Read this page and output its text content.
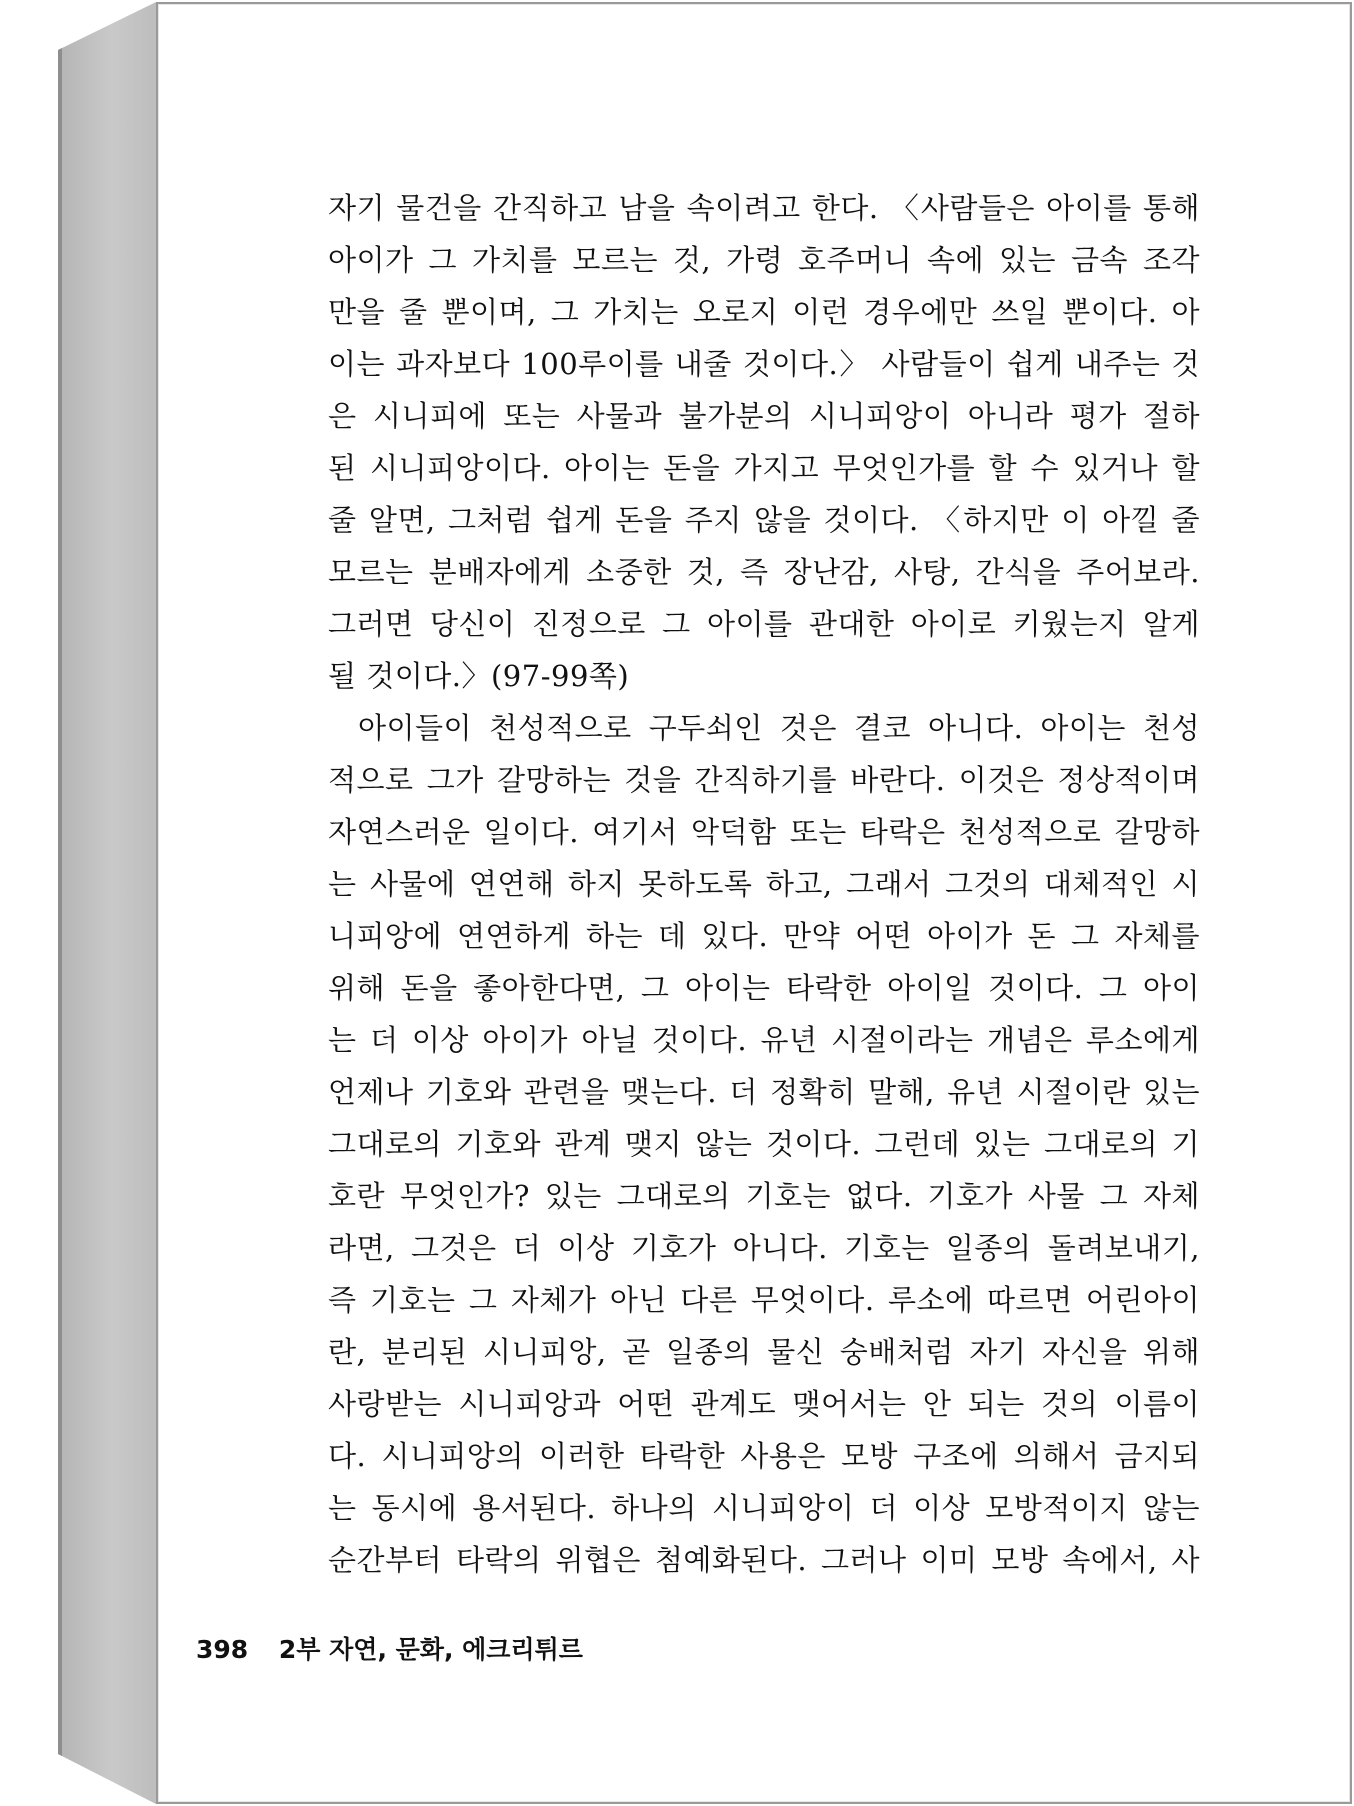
자기 물건을 간직하고 남을 속이려고 한다. 〈사람들은 아이를 통해
아이가 그 가치를 모르는 것, 가령 호주머니 속에 있는 금속 조각
만을 줄 뿐이며, 그 가치는 오로지 이런 경우에만 쓰일 뿐이다. 아
이는 과자보다 100루이를 내줄 것이다.〉 사람들이 쉽게 내주는 것
은 시니피에 또는 사물과 불가분의 시니피앙이 아니라 평가 절하
된 시니피앙이다. 아이는 돈을 가지고 무엇인가를 할 수 있거나 할
줄 알면, 그처럼 쉽게 돈을 주지 않을 것이다. 〈하지만 이 아낄 줄
모르는 분배자에게 소중한 것, 즉 장난감, 사탕, 간식을 주어보라.
그러면 당신이 진정으로 그 아이를 관대한 아이로 키웠는지 알게
될 것이다.〉(97-99쪽)

아이들이 천성적으로 구두쇠인 것은 결코 아니다. 아이는 천성
적으로 그가 갈망하는 것을 간직하기를 바란다. 이것은 정상적이며
자연스러운 일이다. 여기서 악덕함 또는 타락은 천성적으로 갈망하
는 사물에 연연해 하지 못하도록 하고, 그래서 그것의 대체적인 시
니피앙에 연연하게 하는 데 있다. 만약 어떤 아이가 돈 그 자체를
위해 돈을 좋아한다면, 그 아이는 타락한 아이일 것이다. 그 아이
는 더 이상 아이가 아닐 것이다. 유년 시절이라는 개념은 루소에게
언제나 기호와 관련을 맺는다. 더 정확히 말해, 유년 시절이란 있는
그대로의 기호와 관계 맺지 않는 것이다. 그런데 있는 그대로의 기
호란 무엇인가? 있는 그대로의 기호는 없다. 기호가 사물 그 자체
라면, 그것은 더 이상 기호가 아니다. 기호는 일종의 돌려보내기,
즉 기호는 그 자체가 아닌 다른 무엇이다. 루소에 따르면 어린아이
란, 분리된 시니피앙, 곧 일종의 물신 숭배처럼 자기 자신을 위해
사랑받는 시니피앙과 어떤 관계도 맺어서는 안 되는 것의 이름이
다. 시니피앙의 이러한 타락한 사용은 모방 구조에 의해서 금지되
는 동시에 용서된다. 하나의 시니피앙이 더 이상 모방적이지 않는
순간부터 타락의 위협은 첨예화된다. 그러나 이미 모방 속에서, 사

398 2부 자연, 문화, 에크리튀르
